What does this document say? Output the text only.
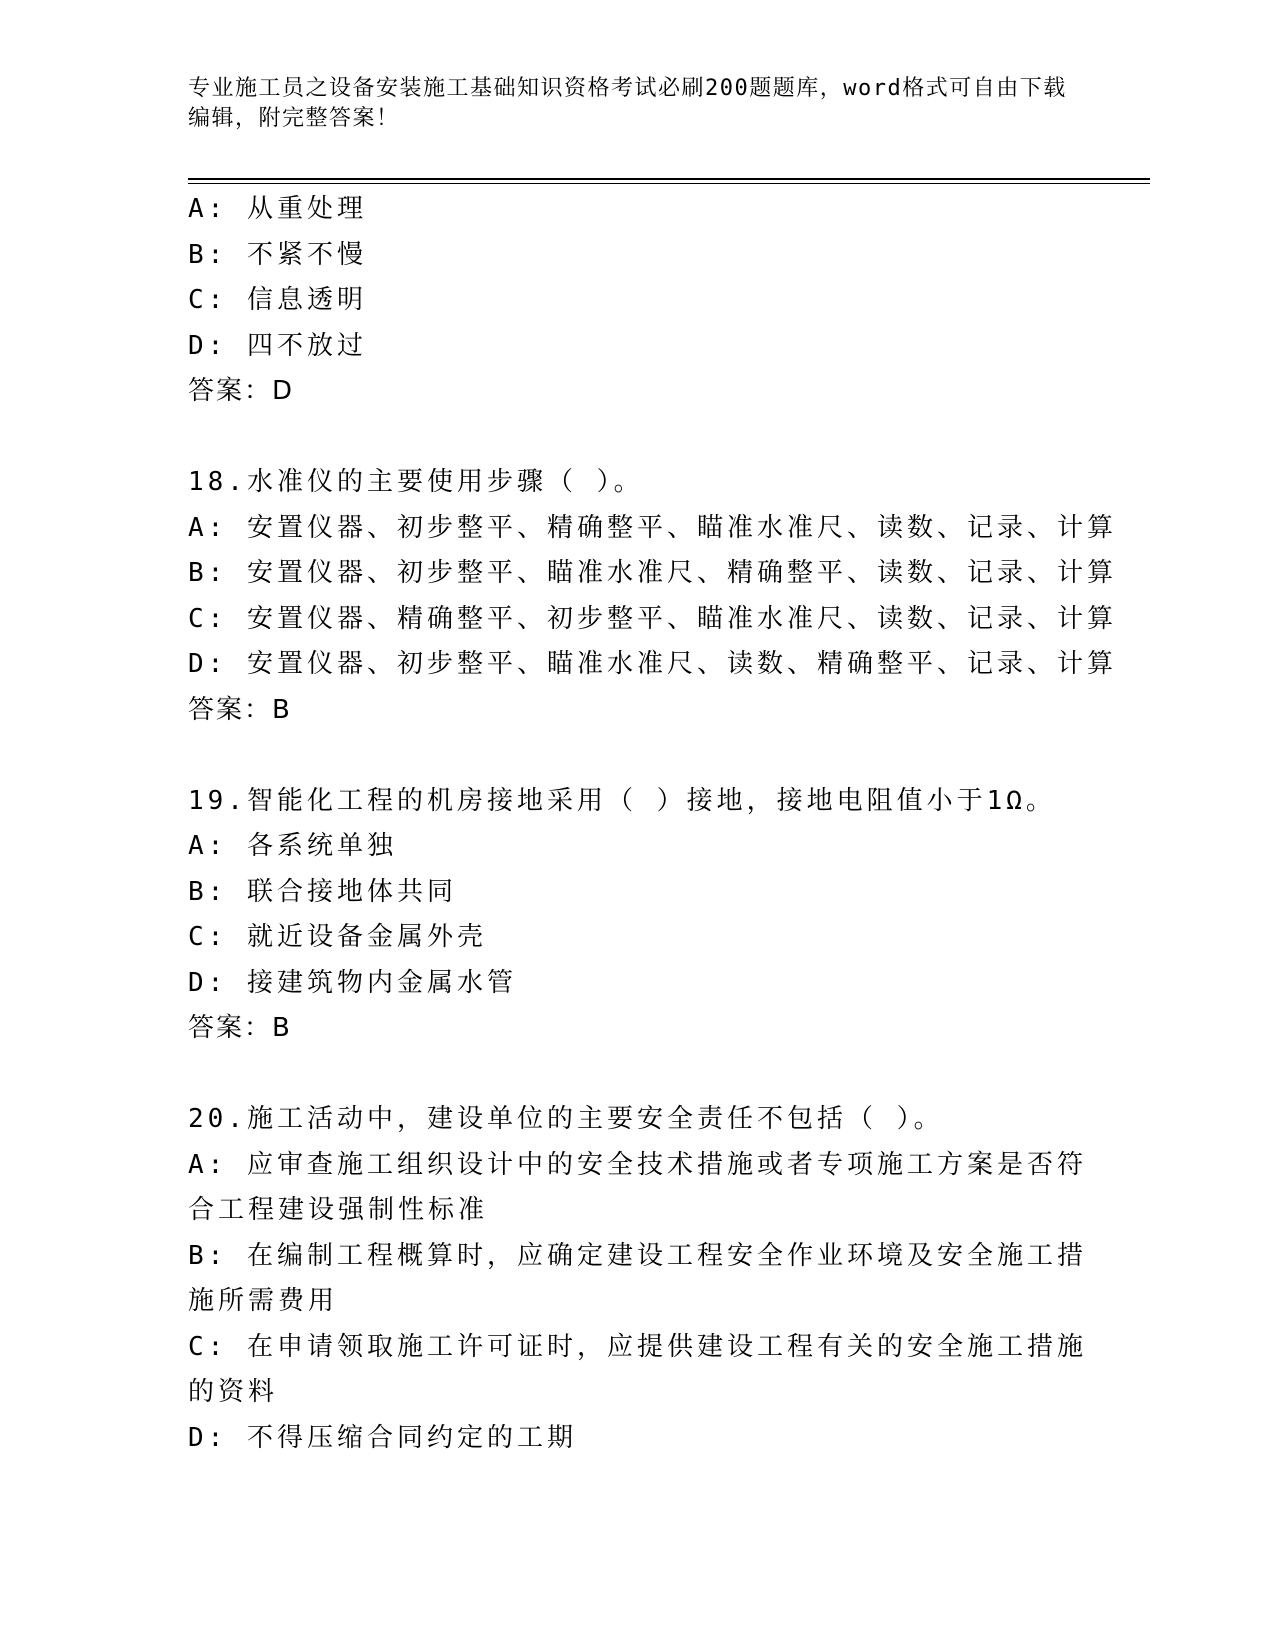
专业施工员之设备安装施工基础知识资格考试必刷200题题库，word格式可自由下载编辑，附完整答案！
A: 从重处理
B: 不紧不慢
C: 信息透明
D: 四不放过
答案：D
18.水准仪的主要使用步骤（ ）。
A: 安置仪器、初步整平、精确整平、瞄准水准尺、读数、记录、计算
B: 安置仪器、初步整平、瞄准水准尺、精确整平、读数、记录、计算
C: 安置仪器、精确整平、初步整平、瞄准水准尺、读数、记录、计算
D: 安置仪器、初步整平、瞄准水准尺、读数、精确整平、记录、计算
答案：B
19.智能化工程的机房接地采用（ ）接地，接地电阻值小于1Ω。
A: 各系统单独
B: 联合接地体共同
C: 就近设备金属外壳
D: 接建筑物内金属水管
答案：B
20.施工活动中，建设单位的主要安全责任不包括（ ）。
A: 应审查施工组织设计中的安全技术措施或者专项施工方案是否符合工程建设强制性标准
B: 在编制工程概算时，应确定建设工程安全作业环境及安全施工措施所需费用
C: 在申请领取施工许可证时，应提供建设工程有关的安全施工措施的资料
D: 不得压缩合同约定的工期
